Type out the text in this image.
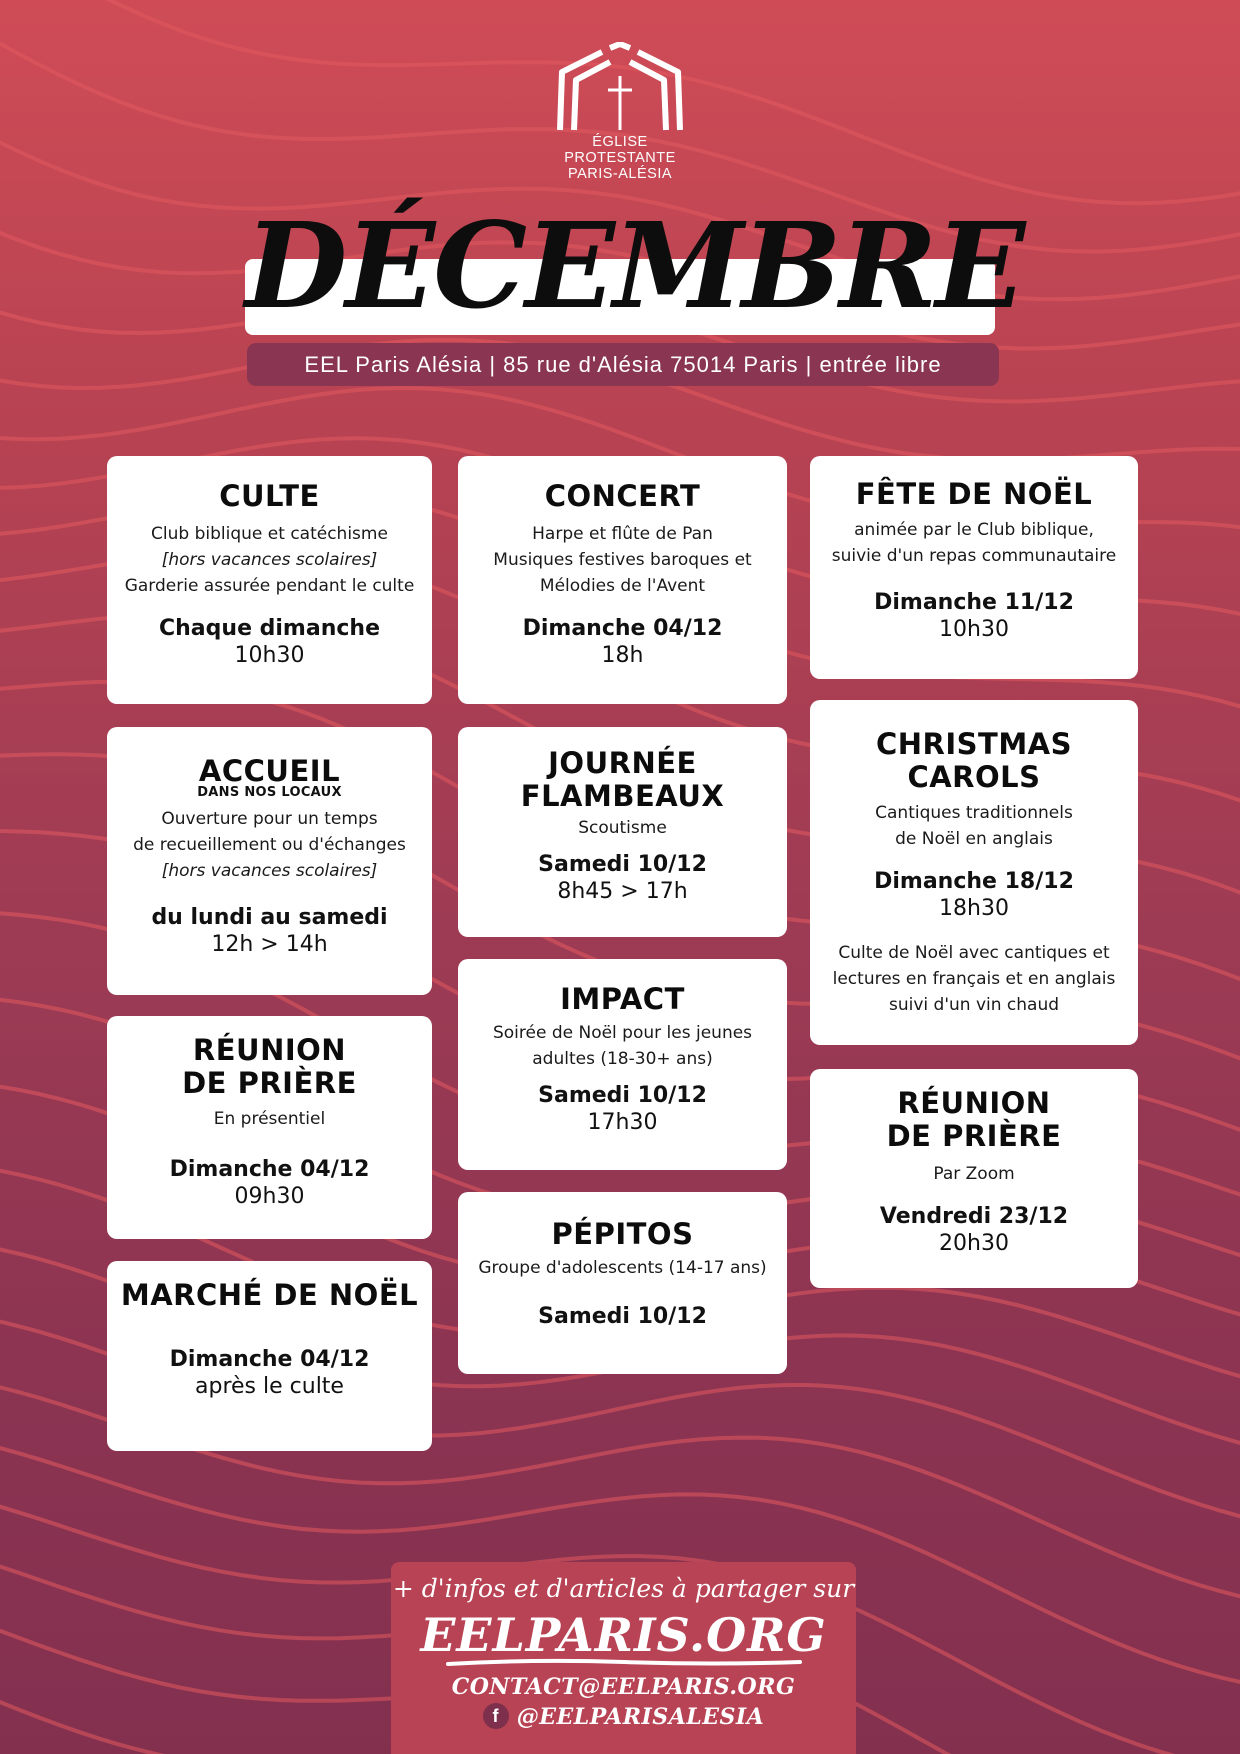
ÉGLISE
PROTESTANTE
PARIS-ALÉSIA
DÉCEMBRE
EEL Paris Alésia | 85 rue d'Alésia 75014 Paris | entrée libre
CULTE
Club biblique et catéchisme
[hors vacances scolaires]
Garderie assurée pendant le culte
Chaque dimanche
10h30
ACCUEIL
DANS NOS LOCAUX
Ouverture pour un temps
de recueillement ou d'échanges
[hors vacances scolaires]
du lundi au samedi
12h > 14h
RÉUNION
DE PRIÈRE
En présentiel
Dimanche 04/12
09h30
MARCHÉ DE NOËL
Dimanche 04/12
après le culte
CONCERT
Harpe et flûte de Pan
Musiques festives baroques et
Mélodies de l'Avent
Dimanche 04/12
18h
JOURNÉE
FLAMBEAUX
Scoutisme
Samedi 10/12
8h45 > 17h
IMPACT
Soirée de Noël pour les jeunes
adultes (18-30+ ans)
Samedi 10/12
17h30
PÉPITOS
Groupe d'adolescents (14-17 ans)
Samedi 10/12
FÊTE DE NOËL
animée par le Club biblique,
suivie d'un repas communautaire
Dimanche 11/12
10h30
CHRISTMAS
CAROLS
Cantiques traditionnels
de Noël en anglais
Dimanche 18/12
18h30
Culte de Noël avec cantiques et
lectures en français et en anglais
suivi d'un vin chaud
RÉUNION
DE PRIÈRE
Par Zoom
Vendredi 23/12
20h30
+ d'infos et d'articles à partager sur
EELPARIS.ORG
CONTACT@EELPARIS.ORG
f @EELPARISALESIA
